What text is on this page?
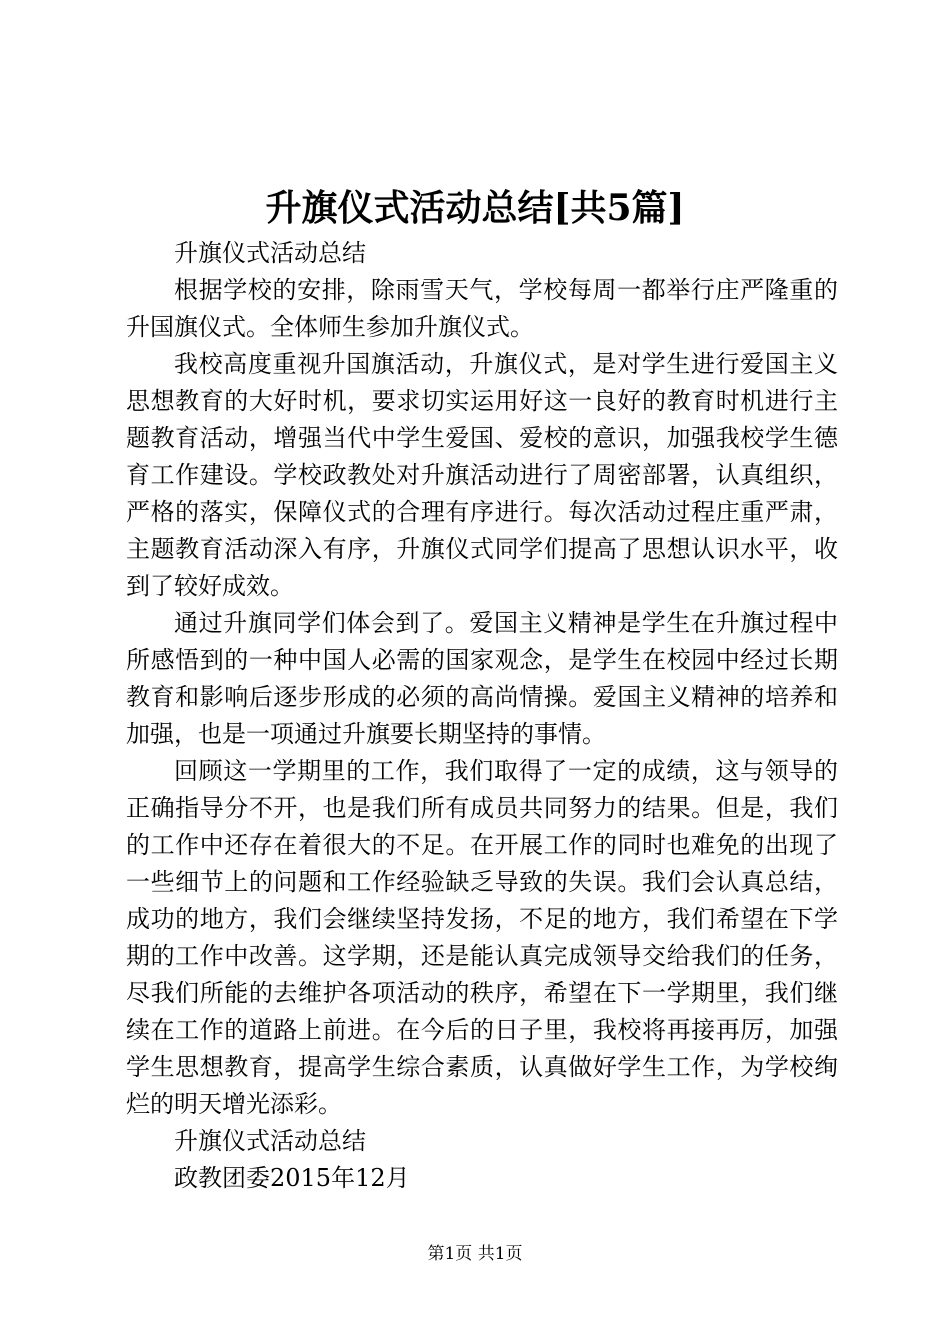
升旗仪式活动总结[共5篇]

升旗仪式活动总结

根据学校的安排，除雨雪天气，学校每周一都举行庄严隆重的升国旗仪式。全体师生参加升旗仪式。

我校高度重视升国旗活动，升旗仪式，是对学生进行爱国主义思想教育的大好时机，要求切实运用好这一良好的教育时机进行主题教育活动，增强当代中学生爱国、爱校的意识，加强我校学生德育工作建设。学校政教处对升旗活动进行了周密部署，认真组织，严格的落实，保障仪式的合理有序进行。每次活动过程庄重严肃，主题教育活动深入有序，升旗仪式同学们提高了思想认识水平，收到了较好成效。

通过升旗同学们体会到了。爱国主义精神是学生在升旗过程中所感悟到的一种中国人必需的国家观念，是学生在校园中经过长期教育和影响后逐步形成的必须的高尚情操。爱国主义精神的培养和加强，也是一项通过升旗要长期坚持的事情。

回顾这一学期里的工作，我们取得了一定的成绩，这与领导的正确指导分不开，也是我们所有成员共同努力的结果。但是，我们的工作中还存在着很大的不足。在开展工作的同时也难免的出现了一些细节上的问题和工作经验缺乏导致的失误。我们会认真总结，成功的地方，我们会继续坚持发扬，不足的地方，我们希望在下学期的工作中改善。这学期，还是能认真完成领导交给我们的任务，尽我们所能的去维护各项活动的秩序，希望在下一学期里，我们继续在工作的道路上前进。在今后的日子里，我校将再接再厉，加强学生思想教育，提高学生综合素质，认真做好学生工作，为学校绚烂的明天增光添彩。

升旗仪式活动总结

政教团委2015年12月

第1页 共1页
